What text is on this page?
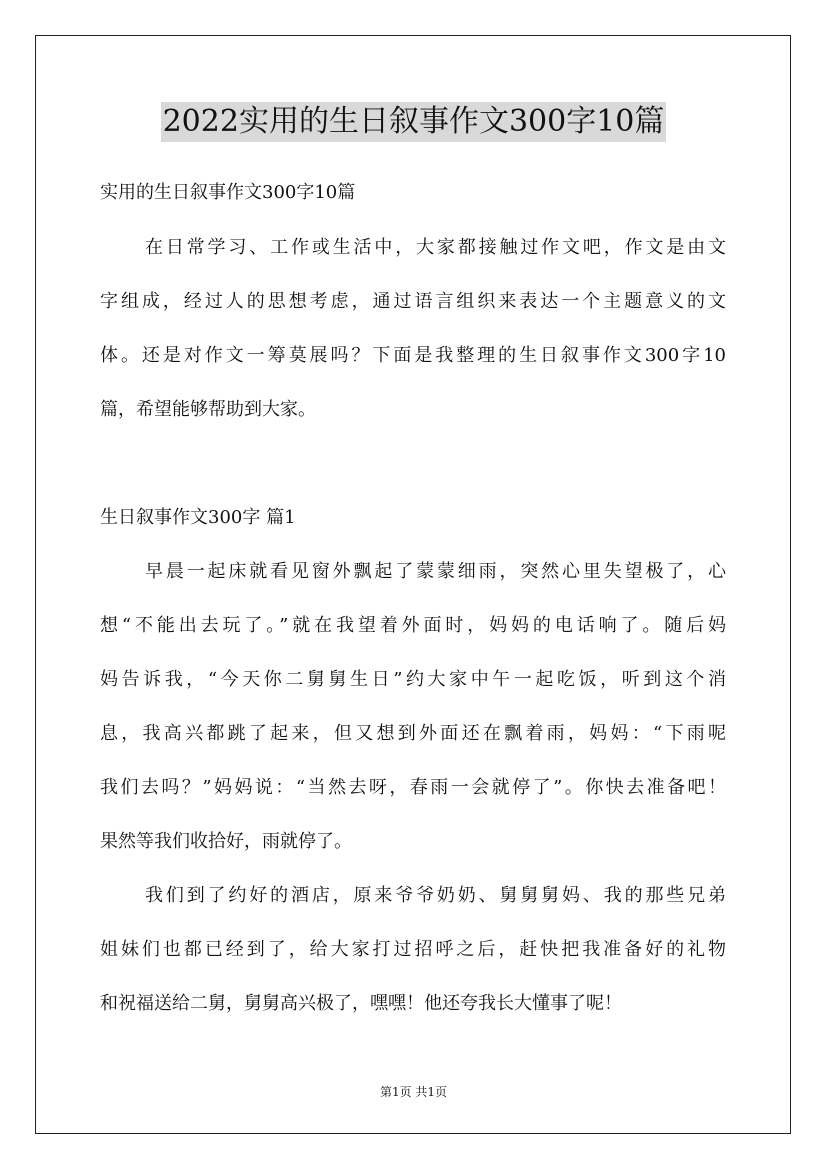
2022实用的生日叙事作文300字10篇
实用的生日叙事作文300字10篇
在日常学习、工作或生活中，大家都接触过作文吧，作文是由文
字组成，经过人的思想考虑，通过语言组织来表达一个主题意义的文
体。还是对作文一筹莫展吗？下面是我整理的生日叙事作文300字10
篇，希望能够帮助到大家。
生日叙事作文300字 篇1
早晨一起床就看见窗外飘起了蒙蒙细雨，突然心里失望极了，心
想“不能出去玩了。”就在我望着外面时，妈妈的电话响了。随后妈
妈告诉我，“今天你二舅舅生日”约大家中午一起吃饭，听到这个消
息，我高兴都跳了起来，但又想到外面还在飘着雨，妈妈：“下雨呢
我们去吗？”妈妈说：“当然去呀，春雨一会就停了”。你快去准备吧！
果然等我们收拾好，雨就停了。
我们到了约好的酒店，原来爷爷奶奶、舅舅舅妈、我的那些兄弟
姐妹们也都已经到了，给大家打过招呼之后，赶快把我准备好的礼物
和祝福送给二舅，舅舅高兴极了，嘿嘿！他还夸我长大懂事了呢！
第1页 共1页
